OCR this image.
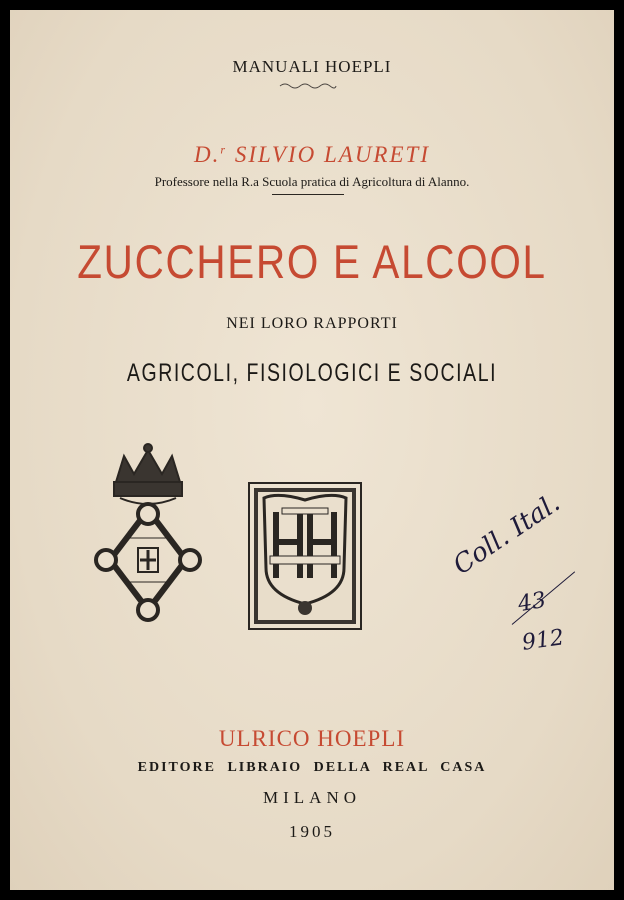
MANUALI HOEPLI
D.$^r$ SILVIO LAURETI
Professore nella R.a Scuola pratica di Agricoltura di Alanno.
ZUCCHERO E ALCOOL
NEI LORO RAPPORTI
AGRICOLI, FISIOLOGICI E SOCIALI
Coll. Ital.
43
912
ULRICO HOEPLI
EDITORE LIBRAIO DELLA REAL CASA
MILANO
1905
